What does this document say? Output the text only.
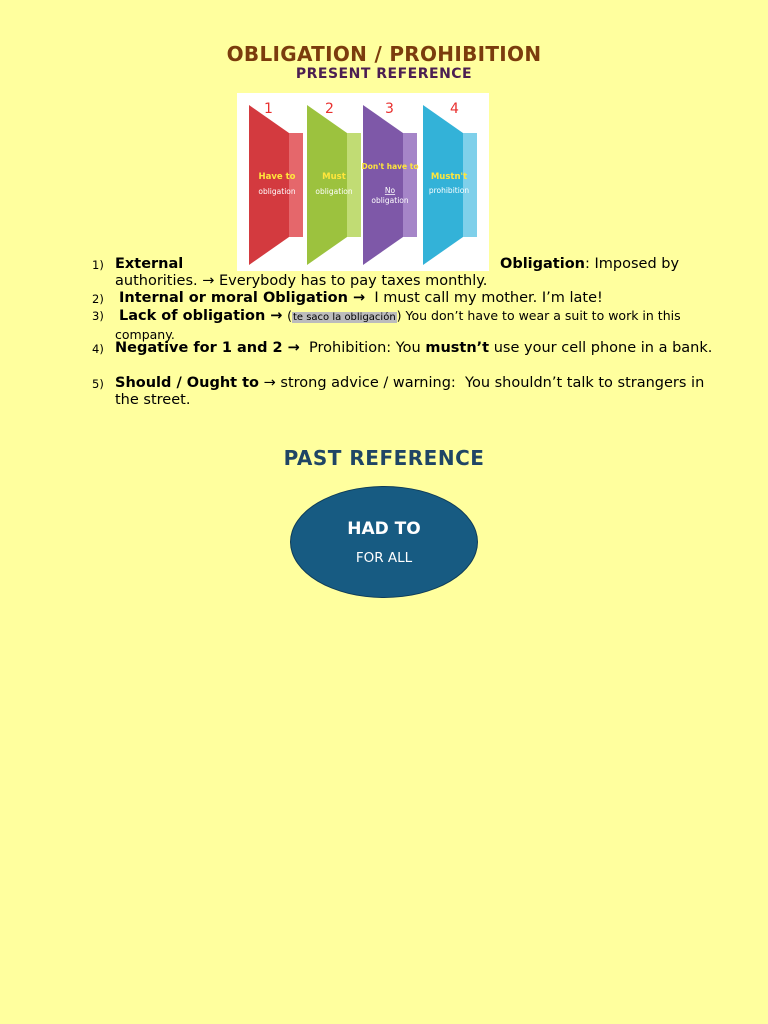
OBLIGATION / PROHIBITION
PRESENT REFERENCE
1
Have to
obligation
2
Must
obligation
3
Don't have to
No
obligation
4
Mustn't
prohibition
1) External	Obligation: Imposed by

authorities. → Everybody has to pay taxes monthly.
2) Internal or moral Obligation →  I must call my mother. I’m late!
3) Lack of obligation → (te saco la obligación) You don’t have to wear a suit to work in this
company.
4) Negative for 1 and 2 →  Prohibition: You mustn’t use your cell phone in a bank.
5) Should / Ought to → strong advice / warning:  You shouldn’t talk to strangers in
the street.
PAST REFERENCE
HAD TO
FOR ALL
